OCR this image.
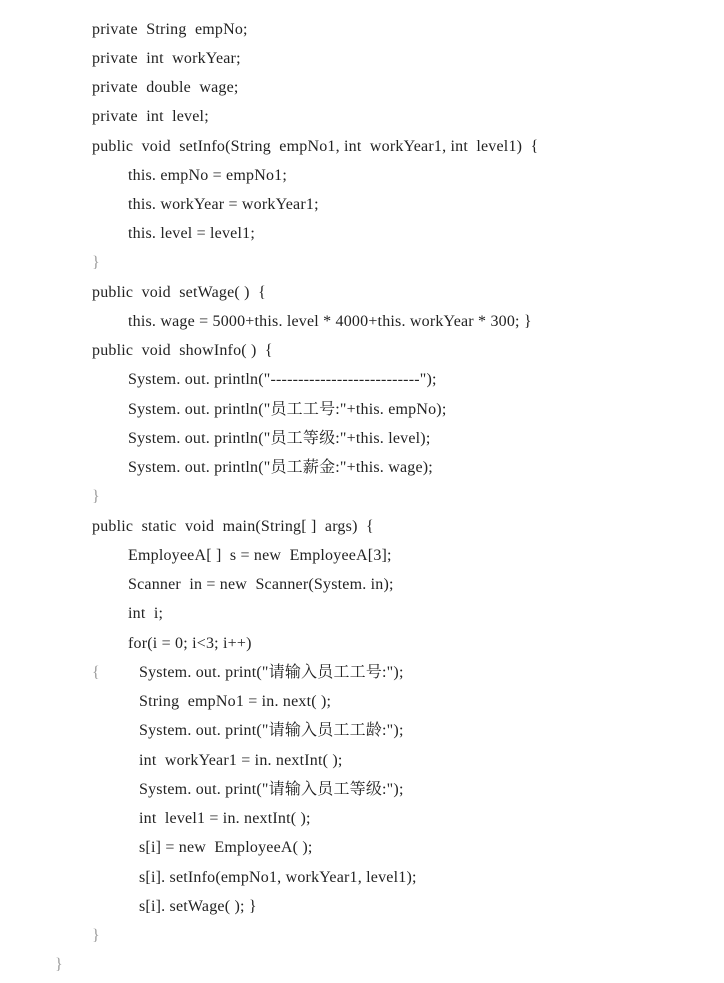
private  String  empNo;
private  int  workYear;
private  double  wage;
private  int  level;
public  void  setInfo(String  empNo1, int  workYear1, int  level1)  {
this. empNo = empNo1;
this. workYear = workYear1;
this. level = level1;
}
public  void  setWage( )  {
this. wage = 5000+this. level * 4000+this. workYear * 300; }
public  void  showInfo( )  {
System. out. println("---------------------------");
System. out. println("员工工号:"+this. empNo);
System. out. println("员工等级:"+this. level);
System. out. println("员工薪金:"+this. wage);
}
public  static  void  main(String[ ]  args)  {
EmployeeA[ ]  s = new  EmployeeA[3];
Scanner  in = new  Scanner(System. in);
int  i;
for(i = 0; i<3; i++)
{ System. out. print("请输入员工工号:");
String  empNo1 = in. next( );
System. out. print("请输入员工工龄:");
int  workYear1 = in. nextInt( );
System. out. print("请输入员工等级:");
int  level1 = in. nextInt( );
s[i] = new  EmployeeA( );
s[i]. setInfo(empNo1, workYear1, level1);
s[i]. setWage( ); }
}
}
